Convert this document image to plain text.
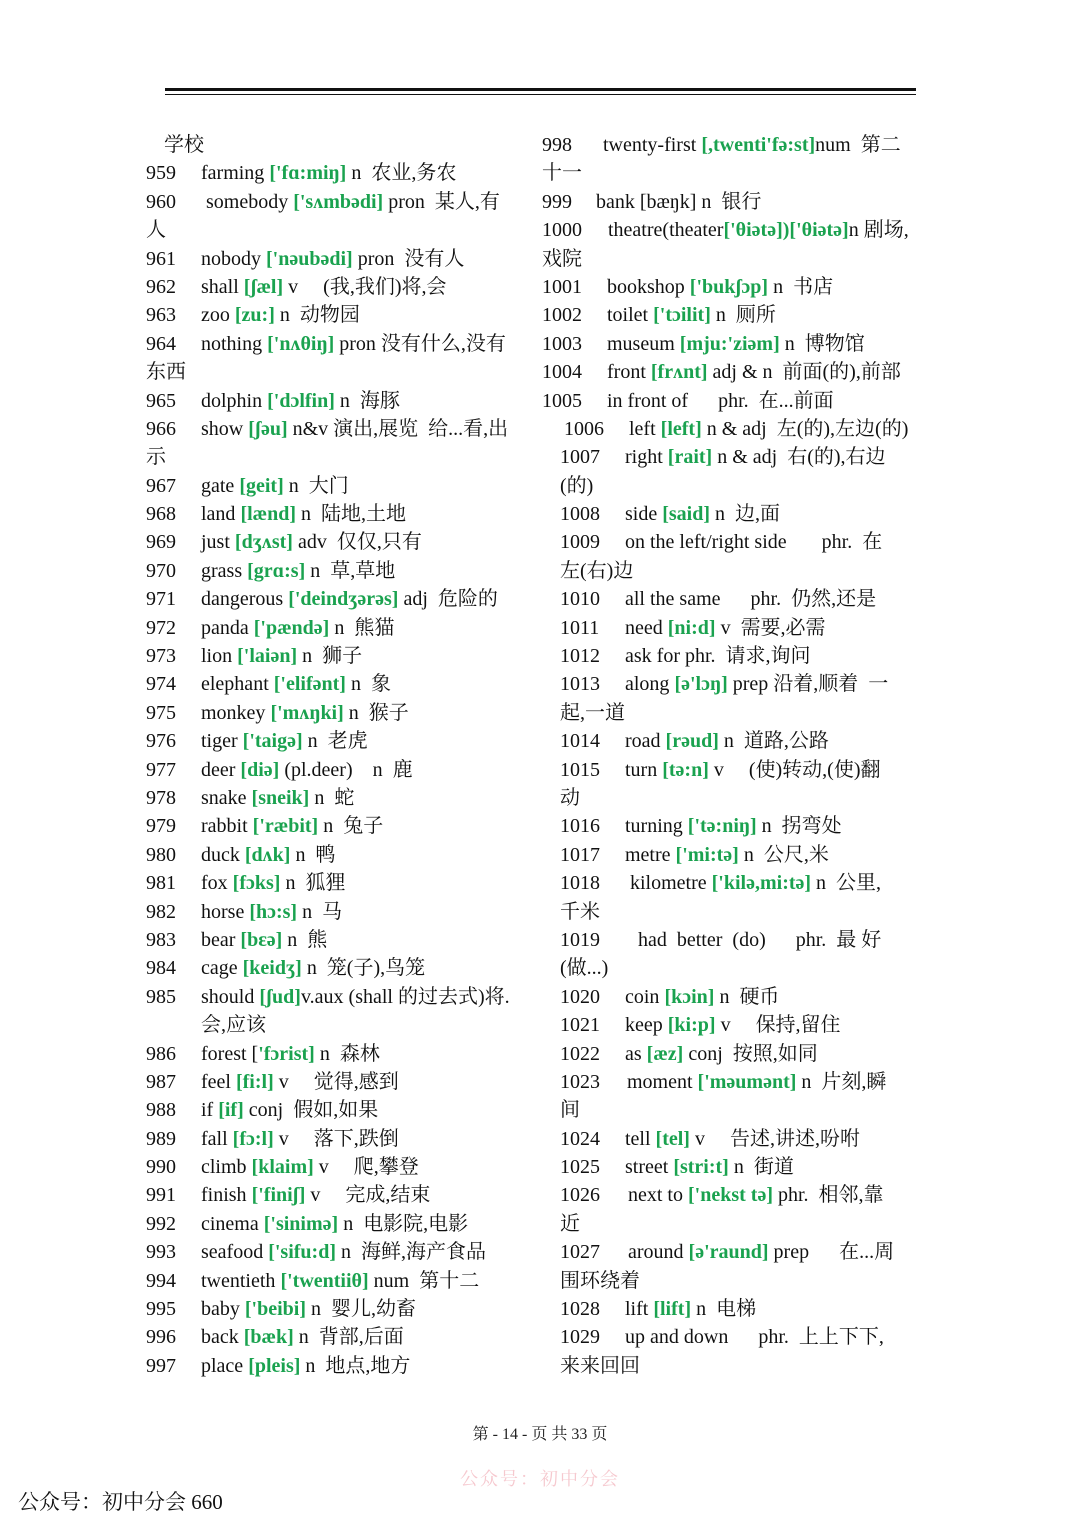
学校
959 farming ['fɑ:miŋ] n  农业,务农
960 somebody ['sʌmbədi] pron  某人,有
人
961 nobody ['nəubədi] pron  没有人
962 shall [ʃæl] v     (我,我们)将,会
963 zoo [zu:] n  动物园
964 nothing ['nʌθiŋ] pron 没有什么,没有
东西
965 dolphin ['dɔlfin] n  海豚
966 show [ʃəu] n&v 演出,展览  给...看,出
示
967 gate [geit] n  大门
968 land [lænd] n  陆地,土地
969 just [dʒʌst] adv  仅仅,只有
970 grass [grɑ:s] n  草,草地
971 dangerous ['deindʒərəs] adj  危险的
972 panda ['pændə] n  熊猫
973 lion ['laiən] n  狮子
974 elephant ['elifənt] n  象
975 monkey ['mʌŋki] n  猴子
976 tiger ['taigə] n  老虎
977 deer [diə] (pl.deer)    n  鹿
978 snake [sneik] n  蛇
979 rabbit ['ræbit] n  兔子
980 duck [dʌk] n  鸭
981 fox [fɔks] n  狐狸
982 horse [hɔ:s] n  马
983 bear [bɛə] n  熊
984 cage [keidʒ] n  笼(子),鸟笼
985 should [ʃud]v.aux (shall 的过去式)将.
会,应该
986 forest ['fɔrist] n  森林
987 feel [fi:l] v     觉得,感到
988 if [if] conj  假如,如果
989 fall [fɔ:l] v     落下,跌倒
990 climb [klaim] v     爬,攀登
991 finish ['finiʃ] v     完成,结束
992 cinema ['sinimə] n  电影院,电影
993 seafood ['sifu:d] n  海鲜,海产食品
994 twentieth ['twentiiθ] num  第十二
995 baby ['beibi] n  婴儿,幼畜
996 back [bæk] n  背部,后面
997 place [pleis] n  地点,地方
998 twenty-first [,twenti'fə:st]num  第二
十一
999 bank [bæŋk] n  银行
1000 theatre(theater['θiətə])['θiətə]n 剧场,
戏院
1001 bookshop ['bukʃɔp] n  书店
1002 toilet ['tɔilit] n  厕所
1003 museum [mju:'ziəm] n  博物馆
1004 front [frʌnt] adj & n  前面(的),前部
1005 in front of      phr.  在...前面
1006 left [left] n & adj  左(的),左边(的)
1007 right [rait] n & adj  右(的),右边
(的)
1008 side [said] n  边,面
1009 on the left/right side       phr.  在
左(右)边
1010 all the same      phr.  仍然,还是
1011 need [ni:d] v  需要,必需
1012 ask for phr.  请求,询问
1013 along [ə'lɔŋ] prep 沿着,顺着  一
起,一道
1014 road [rəud] n  道路,公路
1015 turn [tə:n] v     (使)转动,(使)翻
动
1016 turning ['tə:niŋ] n  拐弯处
1017 metre ['mi:tə] n  公尺,米
1018 kilometre ['kilə,mi:tə] n  公里,
千米
1019 had  better  (do)      phr.  最 好
(做...)
1020 coin [kɔin] n  硬币
1021 keep [ki:p] v     保持,留住
1022 as [æz] conj  按照,如同
1023 moment ['məumənt] n  片刻,瞬
间
1024 tell [tel] v     告述,讲述,吩咐
1025 street [stri:t] n  街道
1026 next to ['nekst tə] phr.  相邻,靠
近
1027 around [ə'raund] prep      在...周
围环绕着
1028 lift [lift] n  电梯
1029 up and down      phr.  上上下下,
来来回回
第 - 14 - 页 共 33 页
公众号：初中分会
公众号：初中分会 660
